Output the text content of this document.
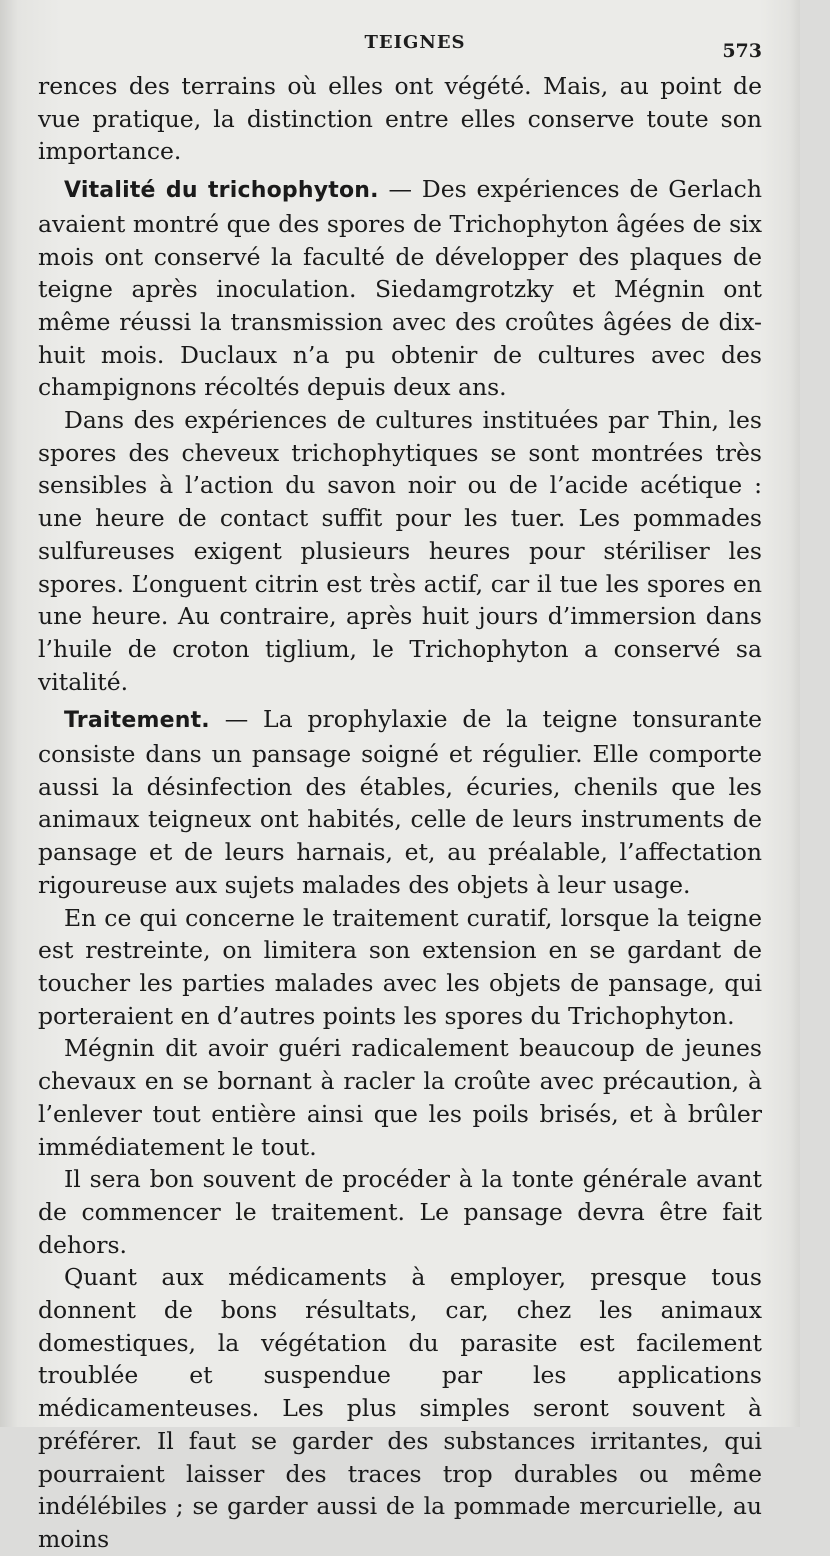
TEIGNES	573

rences des terrains où elles ont végété. Mais, au point de vue pratique, la distinction entre elles conserve toute son importance.

Vitalité du trichophyton. — Des expériences de Gerlach avaient montré que des spores de Trichophyton âgées de six mois ont conservé la faculté de développer des plaques de teigne après inoculation. Siedamgrotzky et Mégnin ont même réussi la transmission avec des croûtes âgées de dix-huit mois. Duclaux n’a pu obtenir de cultures avec des champignons récoltés depuis deux ans.

Dans des expériences de cultures instituées par Thin, les spores des cheveux trichophytiques se sont montrées très sensibles à l’action du savon noir ou de l’acide acétique : une heure de contact suffit pour les tuer. Les pommades sulfureuses exigent plusieurs heures pour stériliser les spores. L’onguent citrin est très actif, car il tue les spores en une heure. Au contraire, après huit jours d’immersion dans l’huile de croton tiglium, le Trichophyton a conservé sa vitalité.

Traitement. — La prophylaxie de la teigne tonsurante consiste dans un pansage soigné et régulier. Elle comporte aussi la désinfection des étables, écuries, chenils que les animaux teigneux ont habités, celle de leurs instruments de pansage et de leurs harnais, et, au préalable, l’affectation rigoureuse aux sujets malades des objets à leur usage.

En ce qui concerne le traitement curatif, lorsque la teigne est restreinte, on limitera son extension en se gardant de toucher les parties malades avec les objets de pansage, qui porteraient en d’autres points les spores du Trichophyton.

Mégnin dit avoir guéri radicalement beaucoup de jeunes chevaux en se bornant à racler la croûte avec précaution, à l’enlever tout entière ainsi que les poils brisés, et à brûler immédiatement le tout.

Il sera bon souvent de procéder à la tonte générale avant de commencer le traitement. Le pansage devra être fait dehors.

Quant aux médicaments à employer, presque tous donnent de bons résultats, car, chez les animaux domestiques, la végétation du parasite est facilement troublée et suspendue par les applications médicamenteuses. Les plus simples seront souvent à préférer. Il faut se garder des substances irritantes, qui pourraient laisser des traces trop durables ou même indélébiles ; se garder aussi de la pommade mercurielle, au moins
